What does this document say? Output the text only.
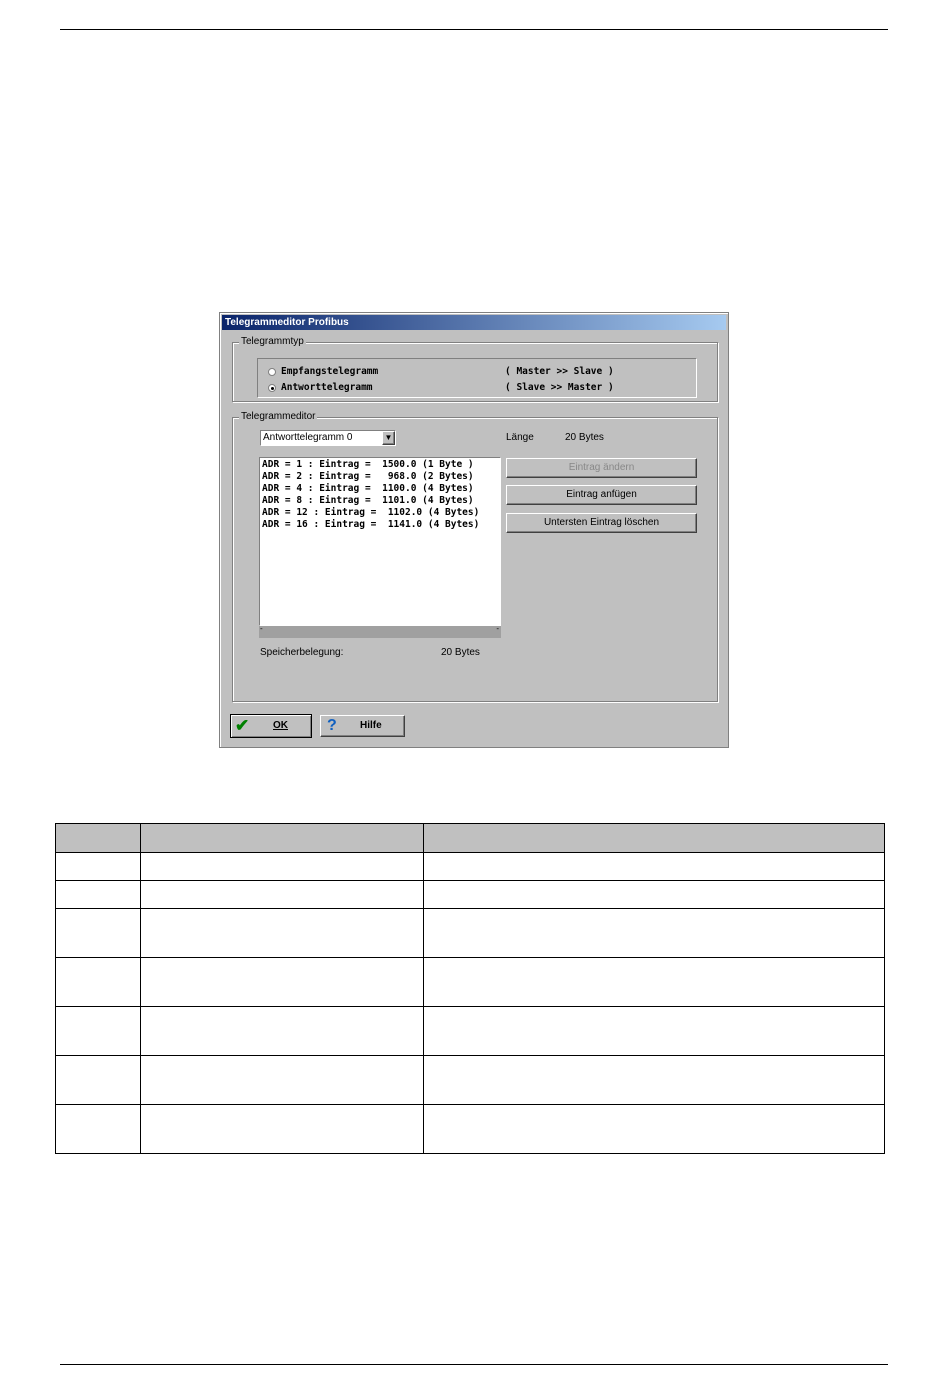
Telegrammeditor Profibus
Telegrammtyp

Empfangstelegramm

	( Master >> Slave )

Antworttelegramm

	( Slave >> Master )

Telegrammeditor
Antworttelegramm 0	▼	Länge	20 Bytes
ADR = 1 : Eintrag =  1500.0 (1 Byte )
ADR = 2 : Eintrag =   968.0 (2 Bytes)
ADR = 4 : Eintrag =  1100.0 (4 Bytes)
ADR = 8 : Eintrag =  1101.0 (4 Bytes)
ADR = 12 : Eintrag =  1102.0 (4 Bytes)
ADR = 16 : Eintrag =  1141.0 (4 Bytes)
-	-
Speicherbelegung:	20 Bytes
Eintrag ändern
Eintrag anfügen
Untersten Eintrag löschen
✔ OK ? Hilfe
